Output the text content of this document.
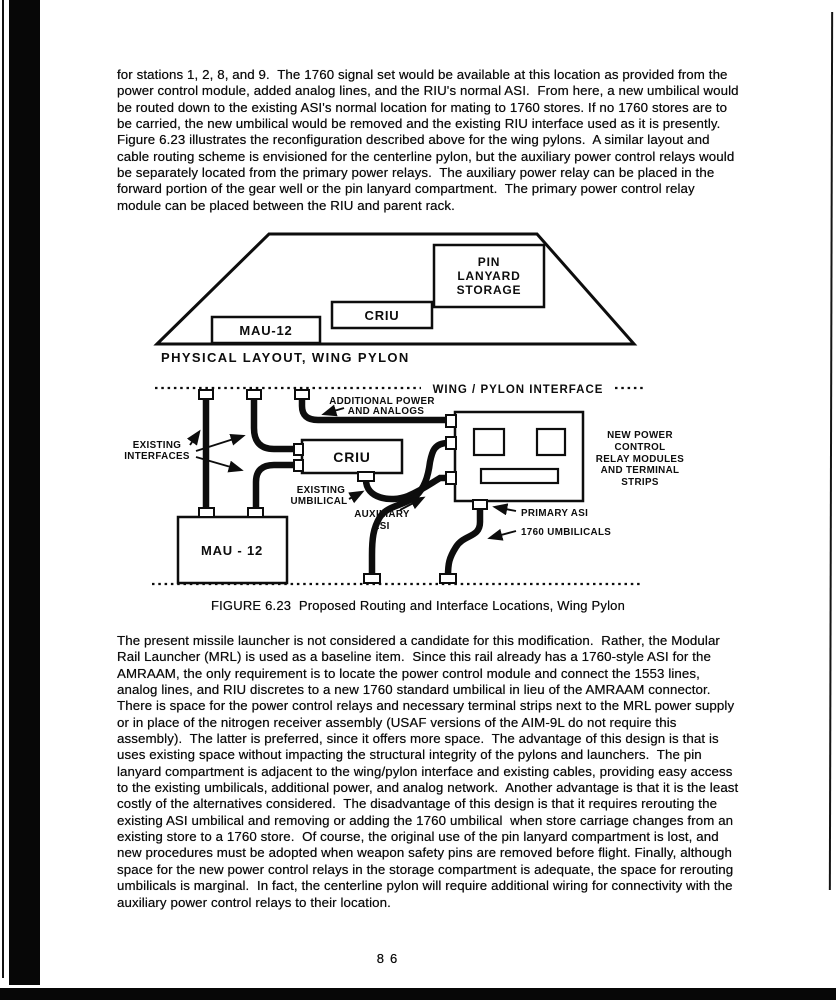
for stations 1, 2, 8, and 9.  The 1760 signal set would be available at this location as provided from the power control module, added analog lines, and the RIU's normal ASI.  From here, a new umbilical would be routed down to the existing ASI's normal location for mating to 1760 stores. If no 1760 stores are to be carried, the new umbilical would be removed and the existing RIU interface used as it is presently.  Figure 6.23 illustrates the reconfiguration described above for the wing pylons.  A similar layout and cable routing scheme is envisioned for the centerline pylon, but the auxiliary power control relays would be separately located from the primary power relays.  The auxiliary power relay can be placed in the forward portion of the gear well or the pin lanyard compartment.  The primary power control relay module can be placed between the RIU and parent rack.
MAU-12
CRIU
PIN
LANYARD
STORAGE
PHYSICAL LAYOUT, WING PYLON
WING / PYLON INTERFACE
MAU - 12
CRIU
ADDITIONAL POWER
AND ANALOGS
EXISTING
INTERFACES
EXISTING
UMBILICAL
AUXILIARY
ASI
NEW POWER
CONTROL
RELAY MODULES
AND TERMINAL
STRIPS
PRIMARY ASI
1760 UMBILICALS
FIGURE 6.23  Proposed Routing and Interface Locations, Wing Pylon
The present missile launcher is not considered a candidate for this modification.  Rather, the Modular Rail Launcher (MRL) is used as a baseline item.  Since this rail already has a 1760-style ASI for the AMRAAM, the only requirement is to locate the power control module and connect the 1553 lines, analog lines, and RIU discretes to a new 1760 standard umbilical in lieu of the AMRAAM connector.  There is space for the power control relays and necessary terminal strips next to the MRL power supply or in place of the nitrogen receiver assembly (USAF versions of the AIM-9L do not require this assembly).  The latter is preferred, since it offers more space.  The advantage of this design is that is uses existing space without impacting the structural integrity of the pylons and launchers.  The pin lanyard compartment is adjacent to the wing/pylon interface and existing cables, providing easy access to the existing umbilicals, additional power, and analog network.  Another advantage is that it is the least costly of the alternatives considered.  The disadvantage of this design is that it requires rerouting the existing ASI umbilical and removing or adding the 1760 umbilical  when store carriage changes from an existing store to a 1760 store.  Of course, the original use of the pin lanyard compartment is lost, and new procedures must be adopted when weapon safety pins are removed before flight. Finally, although space for the new power control relays in the storage compartment is adequate, the space for rerouting umbilicals is marginal.  In fact, the centerline pylon will require additional wiring for connectivity with the auxiliary power control relays to their location.
86
